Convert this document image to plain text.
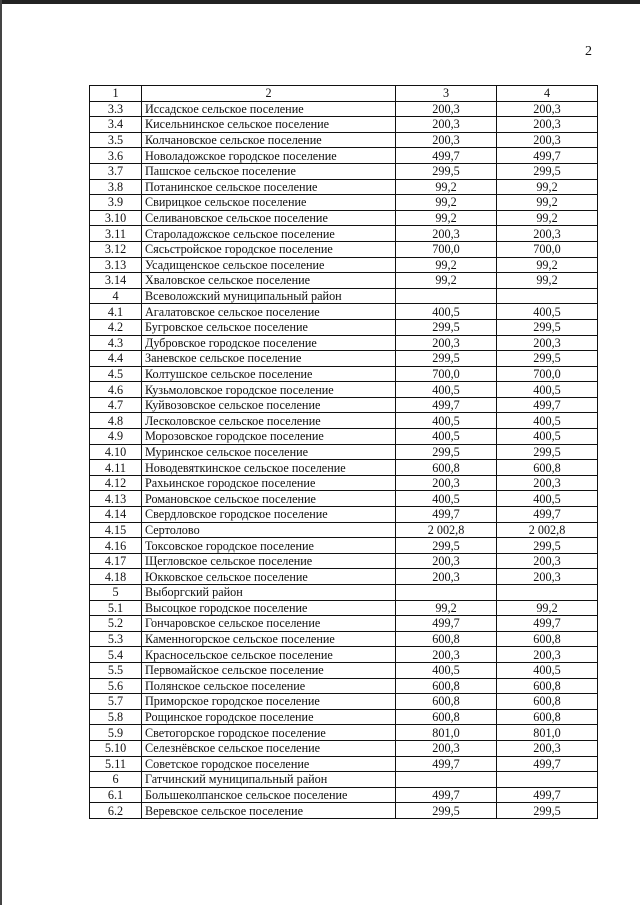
2
1	2	3	4
3.3	Иссадское сельское поселение	200,3	200,3
3.4	Кисельнинское сельское поселение	200,3	200,3
3.5	Колчановское сельское поселение	200,3	200,3
3.6	Новоладожское городское поселение	499,7	499,7
3.7	Пашское сельское поселение	299,5	299,5
3.8	Потанинское сельское поселение	99,2	99,2
3.9	Свирицкое сельское поселение	99,2	99,2
3.10	Селивановское сельское поселение	99,2	99,2
3.11	Староладожское сельское поселение	200,3	200,3
3.12	Сясьстройское городское поселение	700,0	700,0
3.13	Усадищенское сельское поселение	99,2	99,2
3.14	Хваловское сельское поселение	99,2	99,2
4	Всеволожский муниципальный район		
4.1	Агалатовское сельское поселение	400,5	400,5
4.2	Бугровское сельское поселение	299,5	299,5
4.3	Дубровское городское поселение	200,3	200,3
4.4	Заневское сельское поселение	299,5	299,5
4.5	Колтушское сельское поселение	700,0	700,0
4.6	Кузьмоловское городское поселение	400,5	400,5
4.7	Куйвозовское сельское поселение	499,7	499,7
4.8	Лесколовское сельское поселение	400,5	400,5
4.9	Морозовское городское поселение	400,5	400,5
4.10	Муринское сельское поселение	299,5	299,5
4.11	Новодевяткинское сельское поселение	600,8	600,8
4.12	Рахьинское городское поселение	200,3	200,3
4.13	Романовское сельское поселение	400,5	400,5
4.14	Свердловское городское поселение	499,7	499,7
4.15	Сертолово	2 002,8	2 002,8
4.16	Токсовское городское поселение	299,5	299,5
4.17	Щегловское сельское поселение	200,3	200,3
4.18	Юкковское сельское поселение	200,3	200,3
5	Выборгский район		
5.1	Высоцкое городское поселение	99,2	99,2
5.2	Гончаровское сельское поселение	499,7	499,7
5.3	Каменногорское сельское поселение	600,8	600,8
5.4	Красносельское сельское поселение	200,3	200,3
5.5	Первомайское сельское поселение	400,5	400,5
5.6	Полянское сельское поселение	600,8	600,8
5.7	Приморское городское поселение	600,8	600,8
5.8	Рощинское городское поселение	600,8	600,8
5.9	Светогорское городское поселение	801,0	801,0
5.10	Селезнёвское сельское поселение	200,3	200,3
5.11	Советское городское поселение	499,7	499,7
6	Гатчинский муниципальный район		
6.1	Большеколпанское сельское поселение	499,7	499,7
6.2	Веревское сельское поселение	299,5	299,5
